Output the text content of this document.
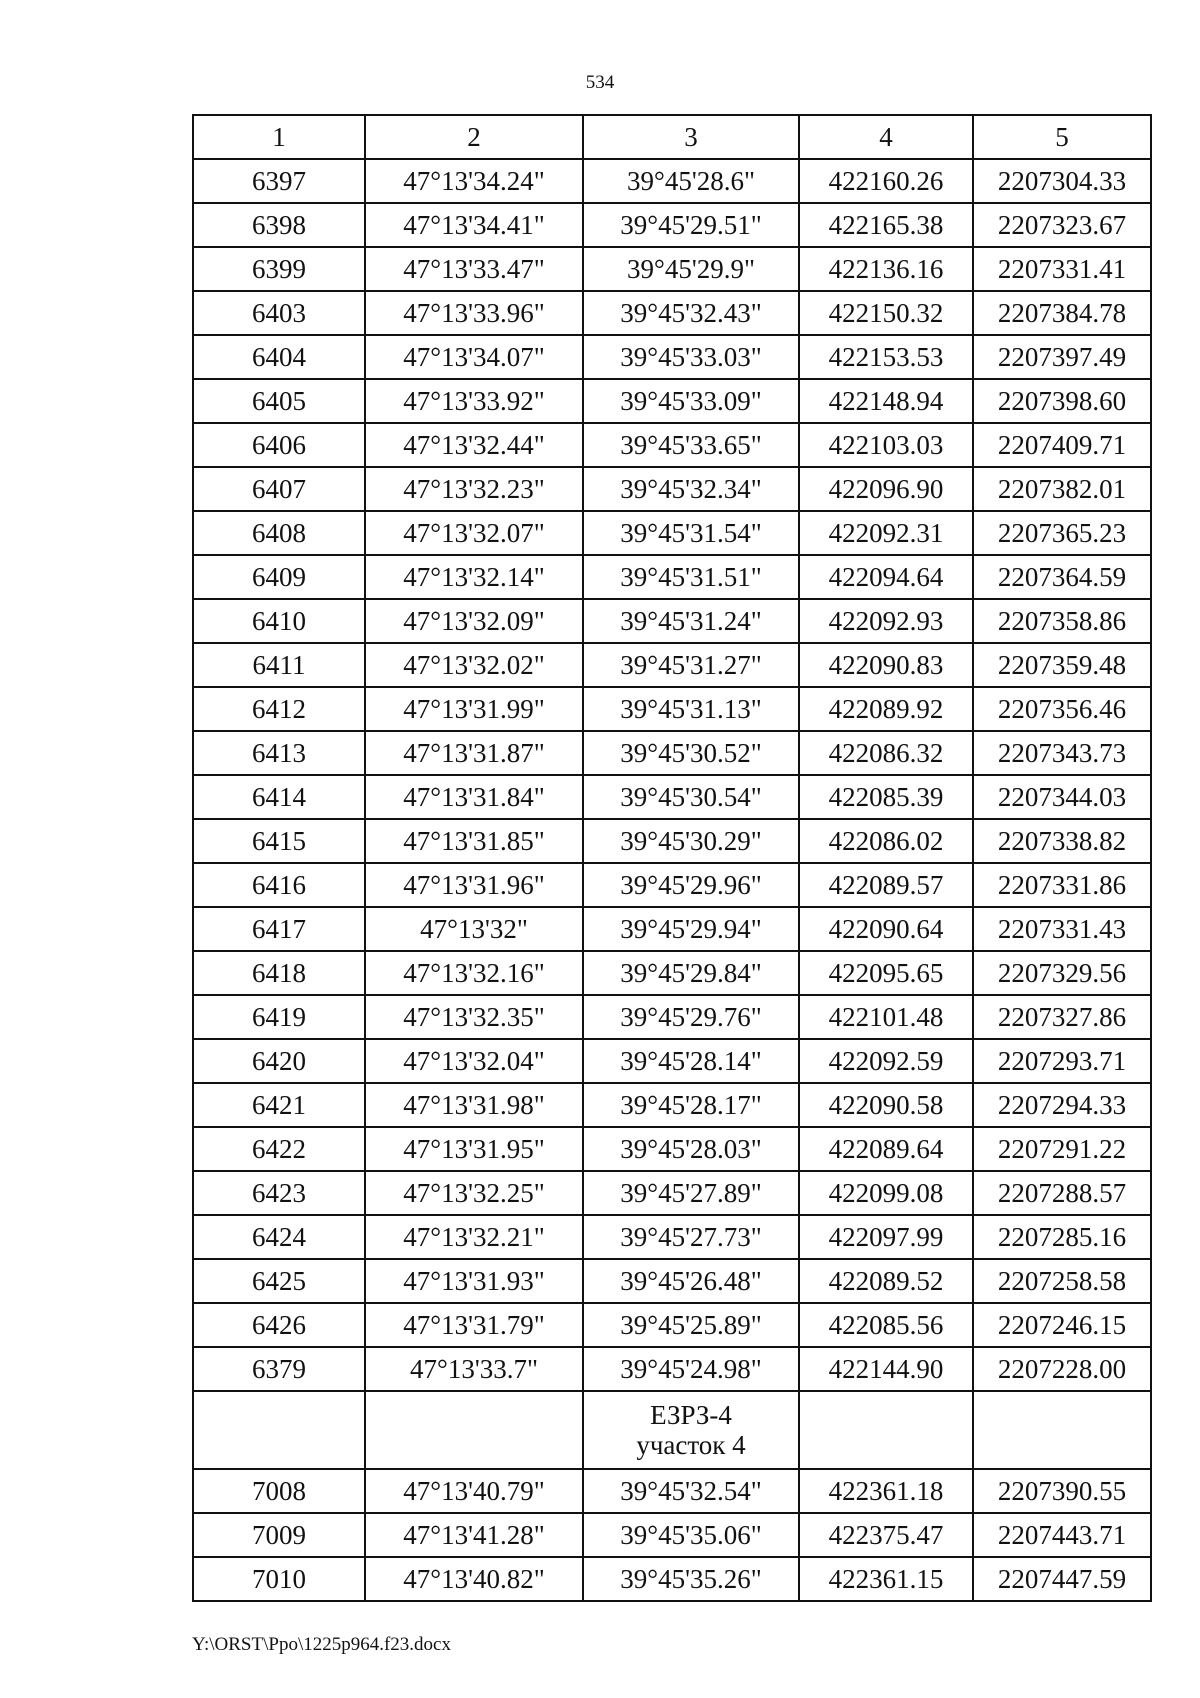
534
1	2	3	4	5
6397	47°13'34.24"	39°45'28.6"	422160.26	2207304.33
6398	47°13'34.41"	39°45'29.51"	422165.38	2207323.67
6399	47°13'33.47"	39°45'29.9"	422136.16	2207331.41
6403	47°13'33.96"	39°45'32.43"	422150.32	2207384.78
6404	47°13'34.07"	39°45'33.03"	422153.53	2207397.49
6405	47°13'33.92"	39°45'33.09"	422148.94	2207398.60
6406	47°13'32.44"	39°45'33.65"	422103.03	2207409.71
6407	47°13'32.23"	39°45'32.34"	422096.90	2207382.01
6408	47°13'32.07"	39°45'31.54"	422092.31	2207365.23
6409	47°13'32.14"	39°45'31.51"	422094.64	2207364.59
6410	47°13'32.09"	39°45'31.24"	422092.93	2207358.86
6411	47°13'32.02"	39°45'31.27"	422090.83	2207359.48
6412	47°13'31.99"	39°45'31.13"	422089.92	2207356.46
6413	47°13'31.87"	39°45'30.52"	422086.32	2207343.73
6414	47°13'31.84"	39°45'30.54"	422085.39	2207344.03
6415	47°13'31.85"	39°45'30.29"	422086.02	2207338.82
6416	47°13'31.96"	39°45'29.96"	422089.57	2207331.86
6417	47°13'32"	39°45'29.94"	422090.64	2207331.43
6418	47°13'32.16"	39°45'29.84"	422095.65	2207329.56
6419	47°13'32.35"	39°45'29.76"	422101.48	2207327.86
6420	47°13'32.04"	39°45'28.14"	422092.59	2207293.71
6421	47°13'31.98"	39°45'28.17"	422090.58	2207294.33
6422	47°13'31.95"	39°45'28.03"	422089.64	2207291.22
6423	47°13'32.25"	39°45'27.89"	422099.08	2207288.57
6424	47°13'32.21"	39°45'27.73"	422097.99	2207285.16
6425	47°13'31.93"	39°45'26.48"	422089.52	2207258.58
6426	47°13'31.79"	39°45'25.89"	422085.56	2207246.15
6379	47°13'33.7"	39°45'24.98"	422144.90	2207228.00

		ЕЗРЗ-4
участок 4		

7008	47°13'40.79"	39°45'32.54"	422361.18	2207390.55
7009	47°13'41.28"	39°45'35.06"	422375.47	2207443.71
7010	47°13'40.82"	39°45'35.26"	422361.15	2207447.59
Y:\ORST\Ppo\1225p964.f23.docx
